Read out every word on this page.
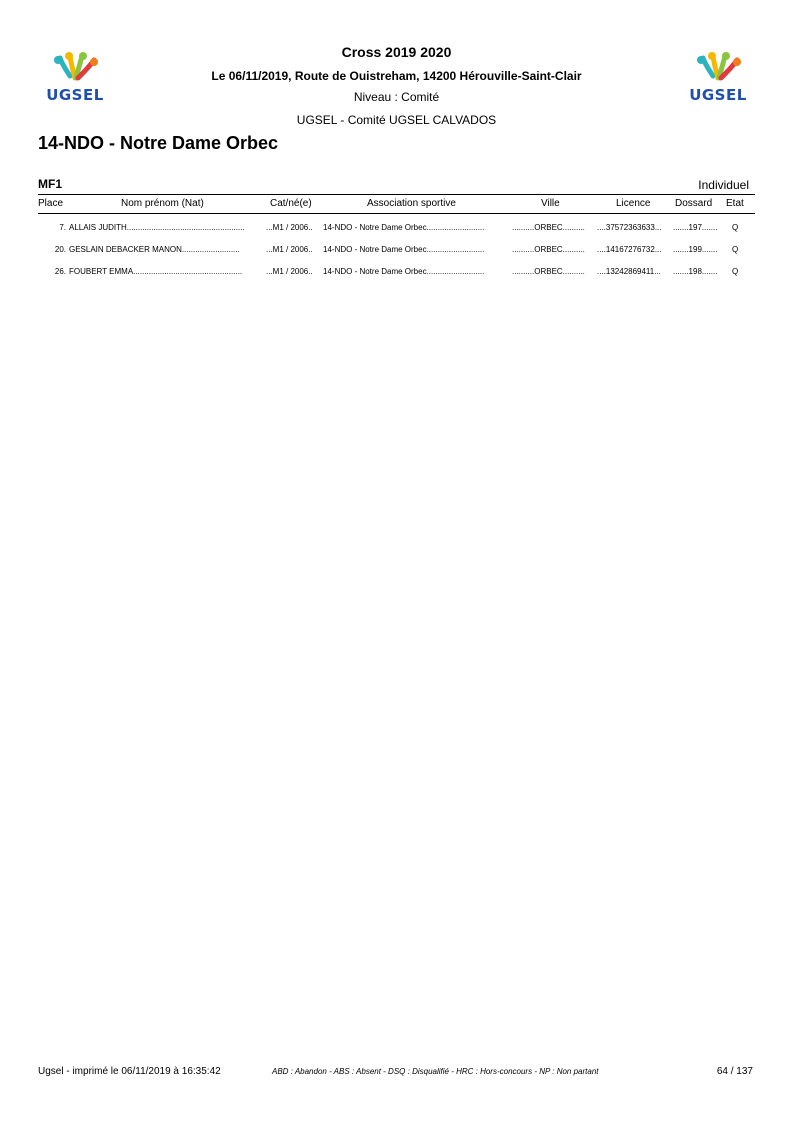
UGSEL	UGSEL
Cross 2019 2020
Le 06/11/2019, Route de Ouistreham, 14200 Hérouville-Saint-Clair
Niveau : Comité
UGSEL - Comité UGSEL CALVADOS
14-NDO - Notre Dame Orbec
MF1	Individuel
Place	Nom prénom (Nat)	Cat/né(e)	Association sportive	Ville	Licence Dossard Etat
7. ALLAIS JUDITH.....................................................	...M1 / 2006.. 14-NDO - Notre Dame Orbec..........................	..........ORBEC.......... ....37572363633... .......197....... Q
20. GESLAIN DEBACKER MANON..........................	...M1 / 2006.. 14-NDO - Notre Dame Orbec..........................	..........ORBEC.......... ....14167276732... .......199....... Q
26. FOUBERT EMMA.................................................	...M1 / 2006.. 14-NDO - Notre Dame Orbec..........................	..........ORBEC.......... ....13242869411... .......198....... Q
Ugsel - imprimé le 06/11/2019 à 16:35:42	ABD : Abandon - ABS : Absent - DSQ : Disqualifié - HRC : Hors-concours - NP : Non partant	64 / 137
